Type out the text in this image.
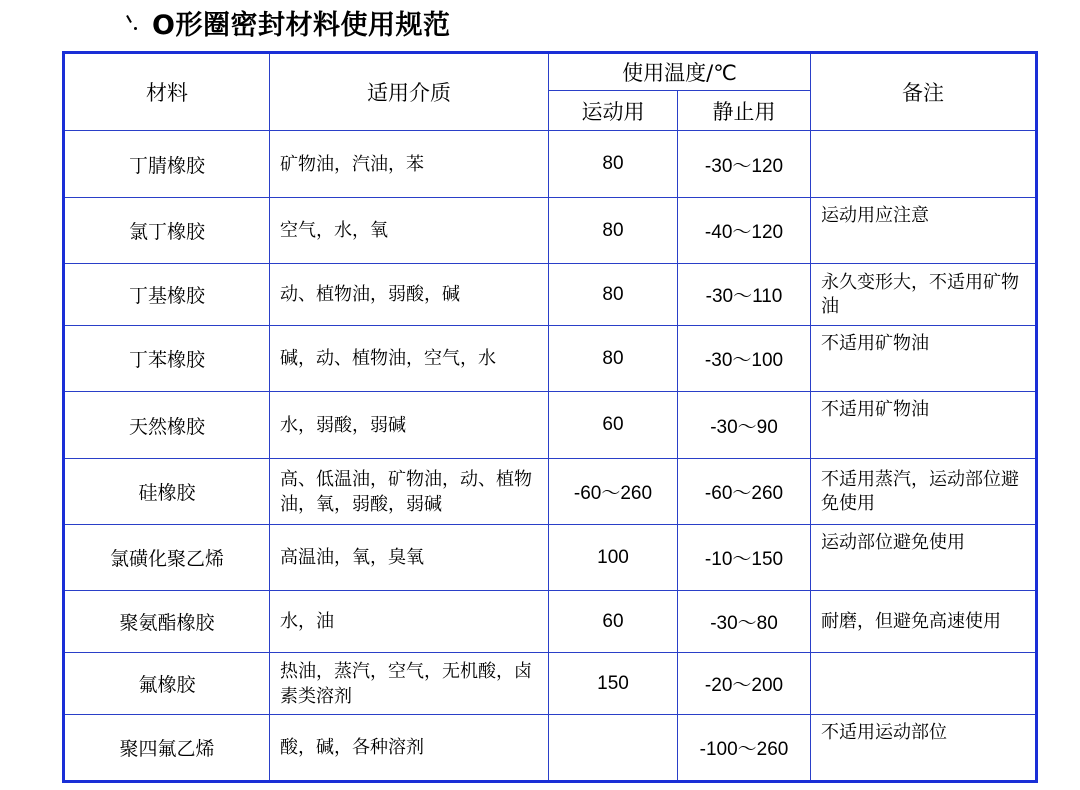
O形圈密封材料使用规范
材料	适用介质	使用温度/℃		备注
		运动用	静止用	
丁腈橡胶	矿物油，汽油，苯	80	-30～120	
氯丁橡胶	空气，水，氧	80	-40～120	运动用应注意
丁基橡胶	动、植物油，弱酸，碱	80	-30～110	永久变形大，不适用矿物油
丁苯橡胶	碱，动、植物油，空气，水	80	-30～100	不适用矿物油
天然橡胶	水，弱酸，弱碱	60	-30～90	不适用矿物油
硅橡胶	高、低温油，矿物油，动、植物油，氧，弱酸，弱碱	-60～260	-60～260	不适用蒸汽，运动部位避免使用
氯磺化聚乙烯	高温油，氧，臭氧	100	-10～150	运动部位避免使用
聚氨酯橡胶	水，油	60	-30～80	耐磨，但避免高速使用
氟橡胶	热油，蒸汽，空气，无机酸，卤素类溶剂	150	-20～200	
聚四氟乙烯	酸，碱，各种溶剂		-100～260	不适用运动部位
